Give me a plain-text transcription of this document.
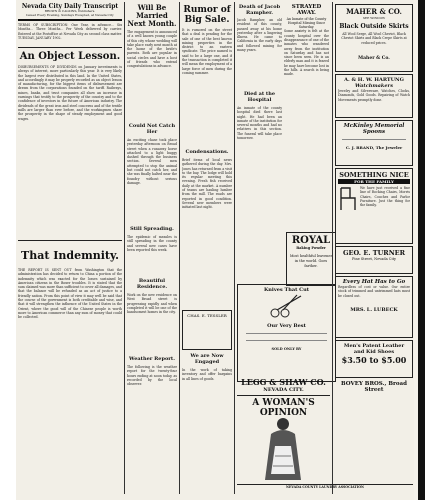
Nevada City Daily Transcript
BROWN & CALKINS, Publishers.
Issued Every Evening, Sundays Excepted, at Nevada City
TERMS OF SUBSCRIPTION: One Year, in advance... Six Months... Three Months... Per Week delivered by carrier. Entered at the Postoffice at Nevada City as second class matter. TUESDAY, JANUARY 1902.
An Object Lesson.
DISBURSEMENTS OF DIVIDENDS on January investments is always of interest, more particularly this year. It is very likely the largest ever distributed in this land. In the United States, and accordingly it may be properly recorded as an object lesson of manufacturing, for the biggest items of disbursement are drawn from the corporations founded on the tariff. Railways, mines, banks, and trust companies all show an increase in earnings that testify to the prosperity of the country and to the confidence of investors in the future of American industry. The dividends of the great iron and steel concerns and of the textile mills are larger than ever before, and the workingmen share the prosperity in the shape of steady employment and good wages.
That Indemnity.
THE REPORT IS SENT OUT from Washington that the administration has decided to return to China a portion of the indemnity which was exacted for the losses sustained by American citizens in the Boxer troubles. It is stated that the sum claimed was more than sufficient to cover all damages, and that the balance will be refunded as an act of justice to a friendly nation. From this point of view it may well be said that the course of the government is both creditable and wise, and that it will strengthen the influence of the United States in the Orient, where the good will of the Chinese people is worth more to American commerce than any sum of money that could be collected.
Will Be Married Next Month.
The engagement is announced of a well known young couple of this city whose wedding will take place early next month at the home of the bride's parents. Both are popular in social circles and have a host of friends who extend congratulations in advance.
Could Not Catch Her
An exciting chase took place yesterday afternoon on Broad street when a runaway horse attached to a light buggy dashed through the business section. Several men attempted to stop the animal but could not catch her, and she was finally halted near the foundry without serious damage.
Still Spreading.
The epidemic of measles is still spreading in the county and several new cases have been reported this week.
Beautiful Residence.
Work on the new residence on West Broad street is progressing rapidly and when completed it will be one of the handsomest homes in the city.
Weather Report.
The following is the weather report for the twenty-four hours ending at noon today, as recorded by the local observer.
Rumor of Big Sale.
It is rumored on the street that a deal is pending for the sale of one of the best known mining properties in the district to an eastern syndicate. The price named is said to be a large one, and if the transaction is completed it will mean the employment of a large force of men during the coming summer.
Condensations.
Brief items of local news gathered during the day. Mrs. Jones has returned from a visit to the bay. The lodge will hold its regular meeting this evening. Fresh fish received daily at the market. A number of teams are hauling lumber from the mill. The roads are reported in good condition. Several new members were initiated last night.
CHAS. E. TESSLER
We are Now Engaged
In the work of taking inventory and offer bargains in all lines of goods.
Death of Jacob Rampher.
Jacob Rampher, an old resident of this county, passed away at his home yesterday after a lingering illness. He came to California in the early days and followed mining for many years.
Died at the Hospital
An inmate of the county hospital died there last night. He had been an inmate of the institution for several months and had no relatives in this section. The funeral will take place tomorrow.
STRAYED AWAY.
An Inmate of the County Hospital Missing Since Saturday.
Some anxiety is felt at the county hospital over the disappearance of one of the inmates who wandered away from the institution on Saturday and has not since been seen. He is an elderly man and it is feared he may have become lost in the hills. A search is being made.
ROYAL
Baking Powder
Most healthful leavener in the world. Goes farther.
Knives That Cut
Our Very Best
SOLD ONLY BY
LEGG & SHAW CO.
NEVADA CITY.
A WOMAN'S OPINION
MAHER & CO.
SEE WINDOW
Black Outside Skirts
All Wool Serge, All Wool Cheviot, Black Cheviot Skirts and Black Crepe Skirts at reduced prices.
Maher & Co.
A. & H. W. HARTUNG
Watchmakers
Jewelry and Silverware, Watches, Clocks, Diamonds, Gold Goods. Repairing of Watch Movements promptly done.
McKinley Memorial
Spoons
C. J. BRAND, The Jeweler
SOMETHING NICE
FOR THE FAMILY
We have just received a fine line of Rocking Chairs, Morris Chairs, Couches and Parlor Furniture. Just the thing for the family.
GEO. E. TURNER
Pine Street, Nevada City
Every Hat Has to Go
Regardless of cost or value. Our entire stock of trimmed and untrimmed hats must be closed out.
MRS. L. LUBECK
Men's Patent Leather and Kid Shoes
$3.50 to $5.00
BOVEY BROS., Broad Street
NEVADA COUNTY LAUNDRY ASSOCIATION
